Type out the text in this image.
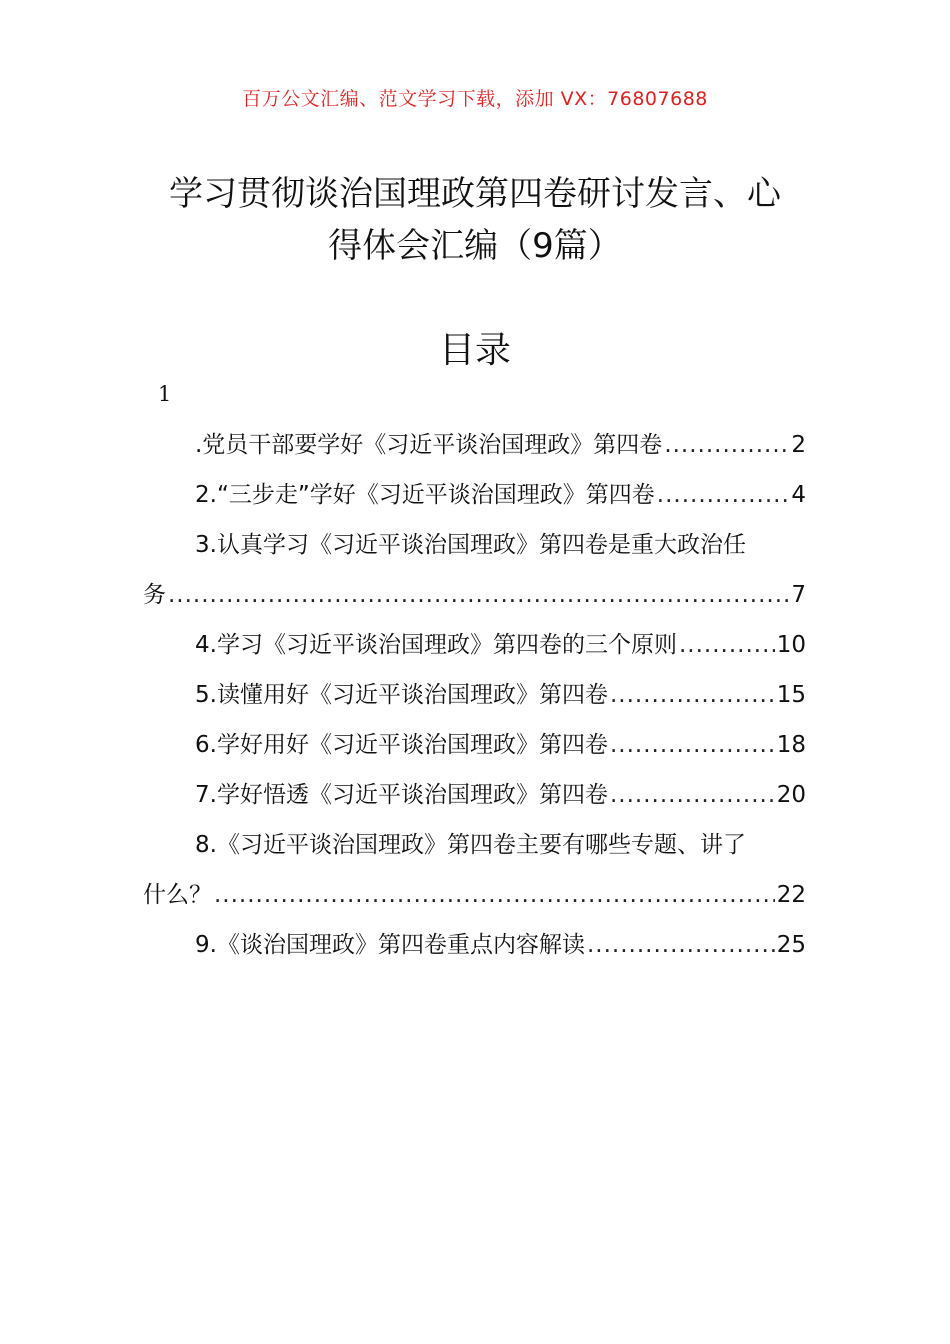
百万公文汇编、范文学习下载，添加 VX：76807688
学习贯彻谈治国理政第四卷研讨发言、心
得体会汇编（9篇）
目录
1
.党员干部要学好《习近平谈治国理政》第四卷 .....	2
2.“三步走”学好《习近平谈治国理政》第四卷 .....	4
3.认真学习《习近平谈治国理政》第四卷是重大政治任
务 .....	7
4.学习《习近平谈治国理政》第四卷的三个原则 .....	10
5.读懂用好《习近平谈治国理政》第四卷 .....	15
6.学好用好《习近平谈治国理政》第四卷 .....	18
7.学好悟透《习近平谈治国理政》第四卷 .....	20
8.《习近平谈治国理政》第四卷主要有哪些专题、讲了
什么？ .....	22
9.《谈治国理政》第四卷重点内容解读 .....	25
